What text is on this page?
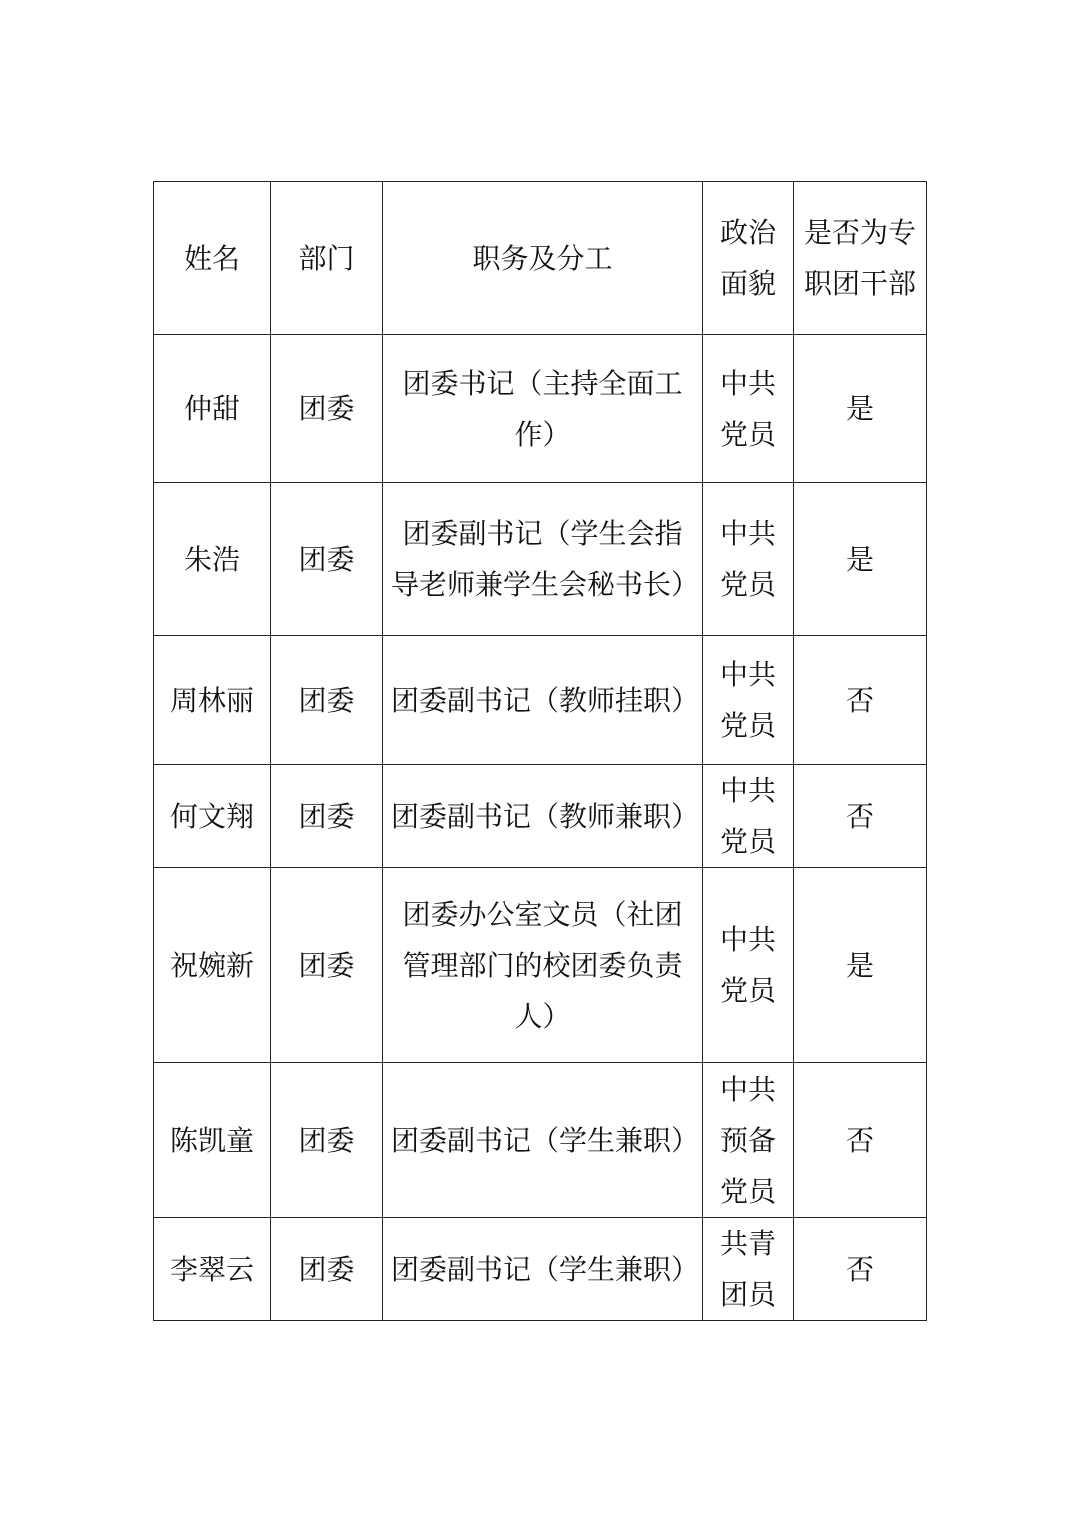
姓名	部门	职务及分工	政治面貌	是否为专职团干部
仲甜	团委	团委书记（主持全面工作）	中共党员	是
朱浩	团委	团委副书记（学生会指导老师兼学生会秘书长）	中共党员	是
周林丽	团委	团委副书记（教师挂职）	中共党员	否
何文翔	团委	团委副书记（教师兼职）	中共党员	否
祝婉新	团委	团委办公室文员（社团管理部门的校团委负责人）	中共党员	是
陈凯童	团委	团委副书记（学生兼职）	中共预备党员	否
李翠云	团委	团委副书记（学生兼职）	共青团员	否
